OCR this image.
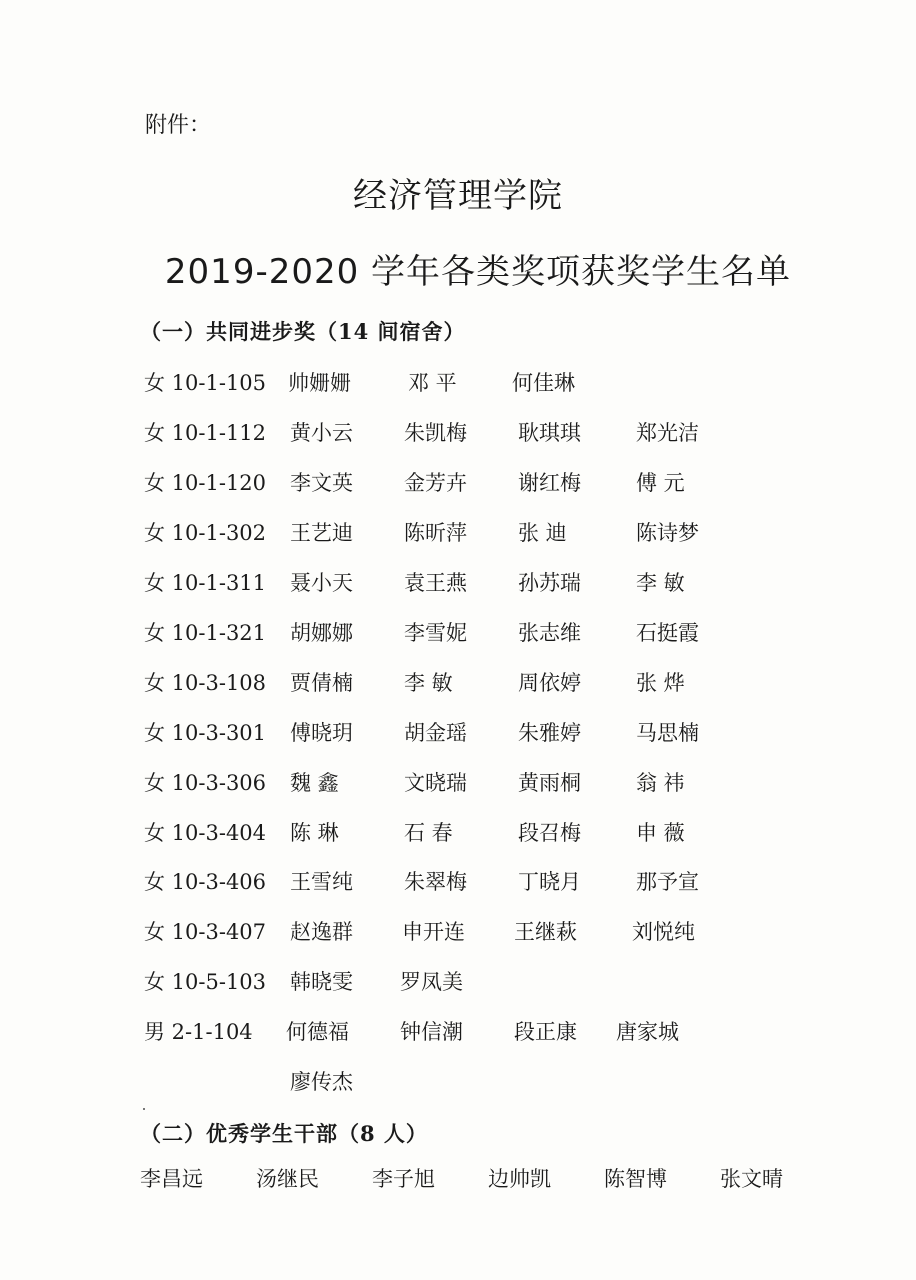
附件：
经济管理学院
2019-2020 学年各类奖项获奖学生名单
（一）共同进步奖（14 间宿舍）
女 10-1-105 帅姗姗	邓 平	何佳琳
女 10-1-112 黄小云 朱凯梅 耿琪琪	郑光洁
女 10-1-120 李文英 金芳卉 谢红梅	傅 元
女 10-1-302 王艺迪 陈昕萍 张 迪	陈诗梦
女 10-1-311 聂小天 袁王燕 孙苏瑞	李 敏
女 10-1-321 胡娜娜 李雪妮 张志维	石挺霞
女 10-3-108 贾倩楠 李 敏	周依婷	张 烨
女 10-3-301 傅晓玥 胡金瑶 朱雅婷	马思楠
女 10-3-306 魏 鑫	文晓瑞 黄雨桐	翁 祎
女 10-3-404 陈 琳	石 春	段召梅	申 薇
女 10-3-406 王雪纯 朱翠梅 丁晓月	那予宣
女 10-3-407 赵逸群 申开连 王继萩	刘悦纯
女 10-5-103 韩晓雯 罗凤美
男 2-1-104 何德福 钟信潮 段正康 唐家城
廖传杰
（二）优秀学生干部（8 人）
李昌远	汤继民	李子旭	边帅凯	陈智博	张文晴
